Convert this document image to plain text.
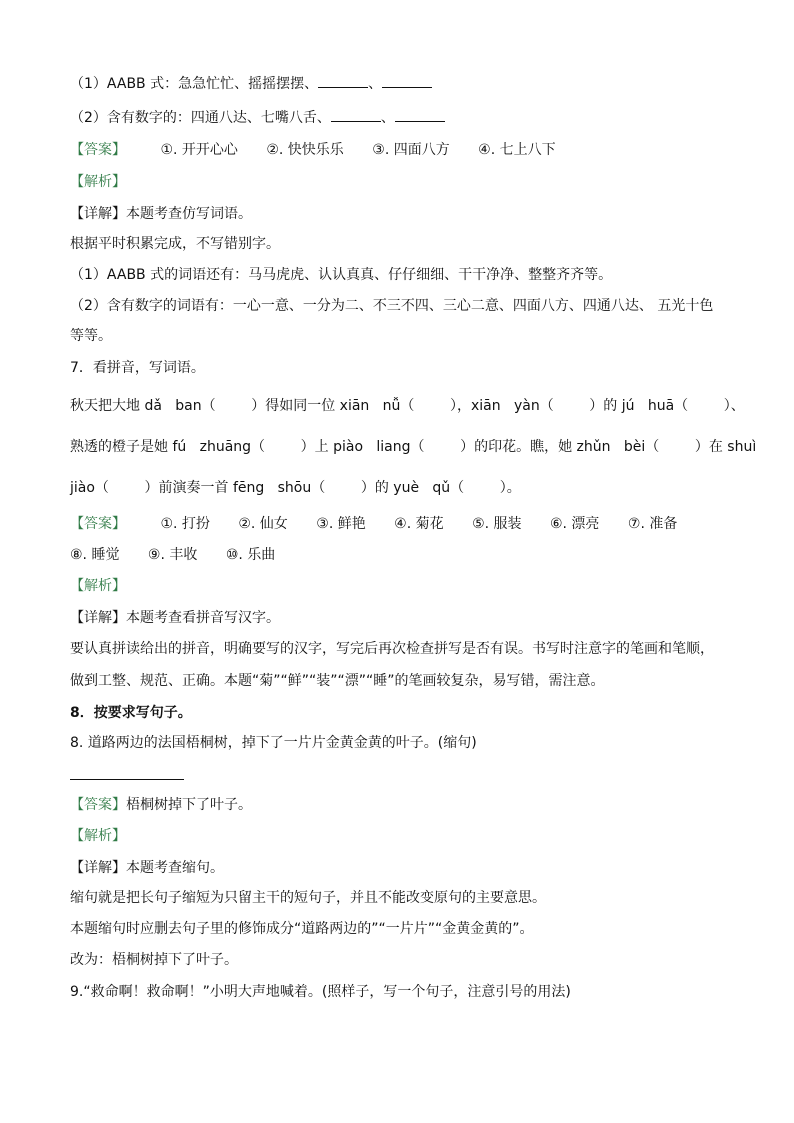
（1）AABB 式：急急忙忙、摇摇摆摆、	、
（2）含有数字的：四通八达、七嘴八舌、	、
【答案】 ①. 开开心心 ②. 快快乐乐 ③. 四面八方 ④. 七上八下
【解析】
【详解】本题考查仿写词语。
根据平时积累完成，不写错别字。
（1）AABB 式的词语还有：马马虎虎、认认真真、仔仔细细、干干净净、整整齐齐等。
（2）含有数字的词语有：一心一意、一分为二、不三不四、三心二意、四面八方、四通八达、 五光十色
等等。
7．看拼音，写词语。
秋天把大地 dǎ   ban（        ）得如同一位 xiān   nǚ（        ），xiān   yàn（        ）的 jú   huā（        ）、
熟透的橙子是她 fú   zhuāng（        ）上 piào   liang（        ）的印花。瞧，她 zhǔn   bèi（        ）在 shuì
jiào（        ）前演奏一首 fēng   shōu（        ）的 yuè   qǔ（        ）。
【答案】 ①. 打扮 ②. 仙女 ③. 鲜艳 ④. 菊花 ⑤. 服装 ⑥. 漂亮 ⑦. 准备
⑧. 睡觉 ⑨. 丰收 ⑩. 乐曲
【解析】
【详解】本题考查看拼音写汉字。
要认真拼读给出的拼音，明确要写的汉字，写完后再次检查拼写是否有误。书写时注意字的笔画和笔顺，
做到工整、规范、正确。本题“菊”“鲜”“装”“漂”“睡”的笔画较复杂，易写错，需注意。
8．按要求写句子。
8. 道路两边的法国梧桐树，掉下了一片片金黄金黄的叶子。(缩句)
【答案】梧桐树掉下了叶子。
【解析】
【详解】本题考查缩句。
缩句就是把长句子缩短为只留主干的短句子，并且不能改变原句的主要意思。
本题缩句时应删去句子里的修饰成分“道路两边的”“一片片”“金黄金黄的”。
改为：梧桐树掉下了叶子。
9.“救命啊！救命啊！”小明大声地喊着。(照样子，写一个句子，注意引号的用法)
